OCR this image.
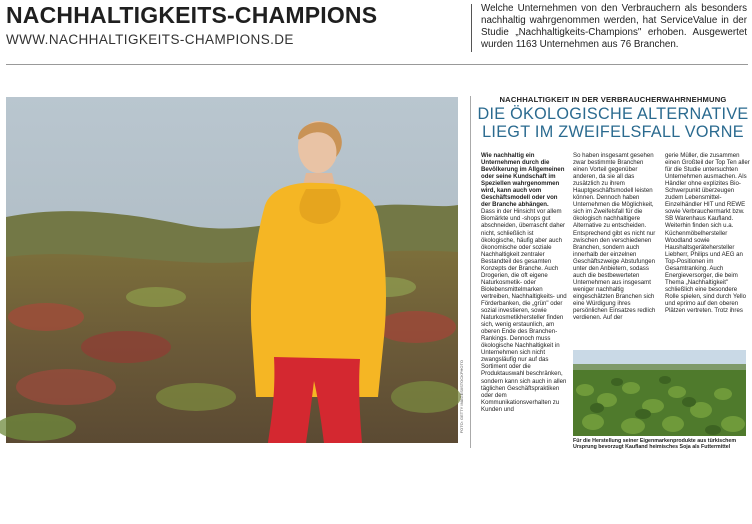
NACHHALTIGKEITS-CHAMPIONS
WWW.NACHHALTIGKEITS-CHAMPIONS.DE
Welche Unternehmen von den Verbrauchern als besonders nachhaltig wahrgenommen werden, hat ServiceValue in der Studie „Nachhaltigkeits-Champions" erhoben. Ausgewertet wurden 1163 Unternehmen aus 76 Branchen.
Leben im Einklang mit der Natur, das ist für immer mehr Menschen erstrebenswert. Sie konsumieren daher bewusst nachhaltige Produkte.
FOTO: GETTY IMAGES/ISTOCKPHOTO
NACHHALTIGKEIT IN DER VERBRAUCHERWAHRNEHMUNG
DIE ÖKOLOGISCHE ALTERNATIVE LIEGT IM ZWEIFELSFALL VORNE

Wie nachhaltig ein Unternehmen durch die Bevölkerung im Allgemeinen oder seine Kundschaft im Speziellen wahrgenommen wird, kann auch vom Geschäftsmodell oder von der Branche abhängen.

Dass in der Hinsicht vor allem Biomärkte und -shops gut abschneiden, überrascht daher nicht, schließlich ist ökologische, häufig aber auch ökonomische oder soziale Nachhaltigkeit zentraler Bestandteil des gesamten Konzepts der Branche. Auch Drogerien, die oft eigene Naturkosmetik- oder Biolebensmittelmarken vertreiben, Nachhaltigkeits- und Förderbanken, die „grün" oder sozial investieren, sowie Naturkosmetikhersteller finden sich, wenig erstaunlich, am oberen Ende des Branchen-Rankings. Dennoch muss ökologische Nachhaltigkeit in Unternehmen sich nicht zwangsläufig nur auf das Sortiment oder die Produktauswahl beschränken, sondern kann sich auch in allen täglichen Geschäftspraktiken oder dem Kommunikationsverhalten zu Kunden und

So haben insgesamt gesehen zwar bestimmte Branchen einen Vorteil gegenüber anderen, da sie all das zusätzlich zu ihrem Hauptgeschäftsmodell leisten können. Dennoch haben Unternehmen die Möglichkeit, sich im Zweifelsfall für die ökologisch nachhaltigere Alternative zu entscheiden. Entsprechend gibt es nicht nur zwischen den verschiedenen Branchen, sondern auch innerhalb der einzelnen Geschäftszweige Abstufungen unter den Anbietern, sodass auch die bestbewerteten Unternehmen aus insgesamt weniger nachhaltig eingeschätzten Branchen sich eine Würdigung ihres persönlichen Einsatzes redlich verdienen. Auf der

gerie Müller, die zusammen einen Großteil der Top Ten aller für die Studie untersuchten Unternehmen ausmachen. Als Händler ohne explizites Bio-Schwerpunkt überzeugen zudem Lebensmittel-Einzelhändler HIT und REWE sowie Verbrauchermarkt bzw. SB Warenhaus Kaufland. Weiterhin finden sich u.a. Küchenmöbelhersteller Woodland sowie Haushaltsgerätehersteller Liebherr, Philips und AEG an Top-Positionen im Gesamtranking. Auch Energieversorger, die beim Thema „Nachhaltigkeit" schließlich eine besondere Rolle spielen, sind durch Yello und eprimo auf den oberen Plätzen vertreten. Trotz ihres

Für die Herstellung seiner Eigenmarkenprodukte aus türkischem Ursprung bevorzugt Kaufland heimisches Soja als Futtermittel
